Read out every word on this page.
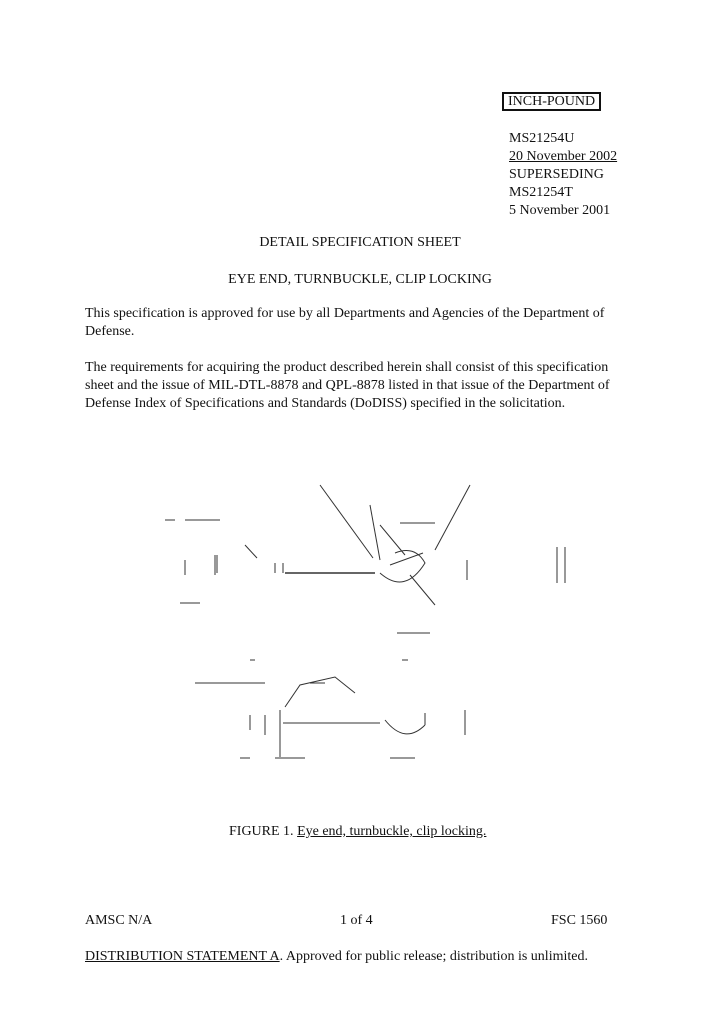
INCH-POUND
MS21254U
20 November 2002
SUPERSEDING
MS21254T
5 November 2001
DETAIL SPECIFICATION SHEET
EYE END, TURNBUCKLE, CLIP LOCKING
This specification is approved for use by all Departments and Agencies of the Department of Defense.
The requirements for acquiring the product described herein shall consist of this specification sheet and the issue of MIL-DTL-8878 and QPL-8878 listed in that issue of the Department of Defense Index of Specifications and Standards (DoDISS) specified in the solicitation.
FIGURE 1. Eye end, turnbuckle, clip locking.
AMSC N/A	1 of 4	FSC 1560
DISTRIBUTION STATEMENT A. Approved for public release; distribution is unlimited.
